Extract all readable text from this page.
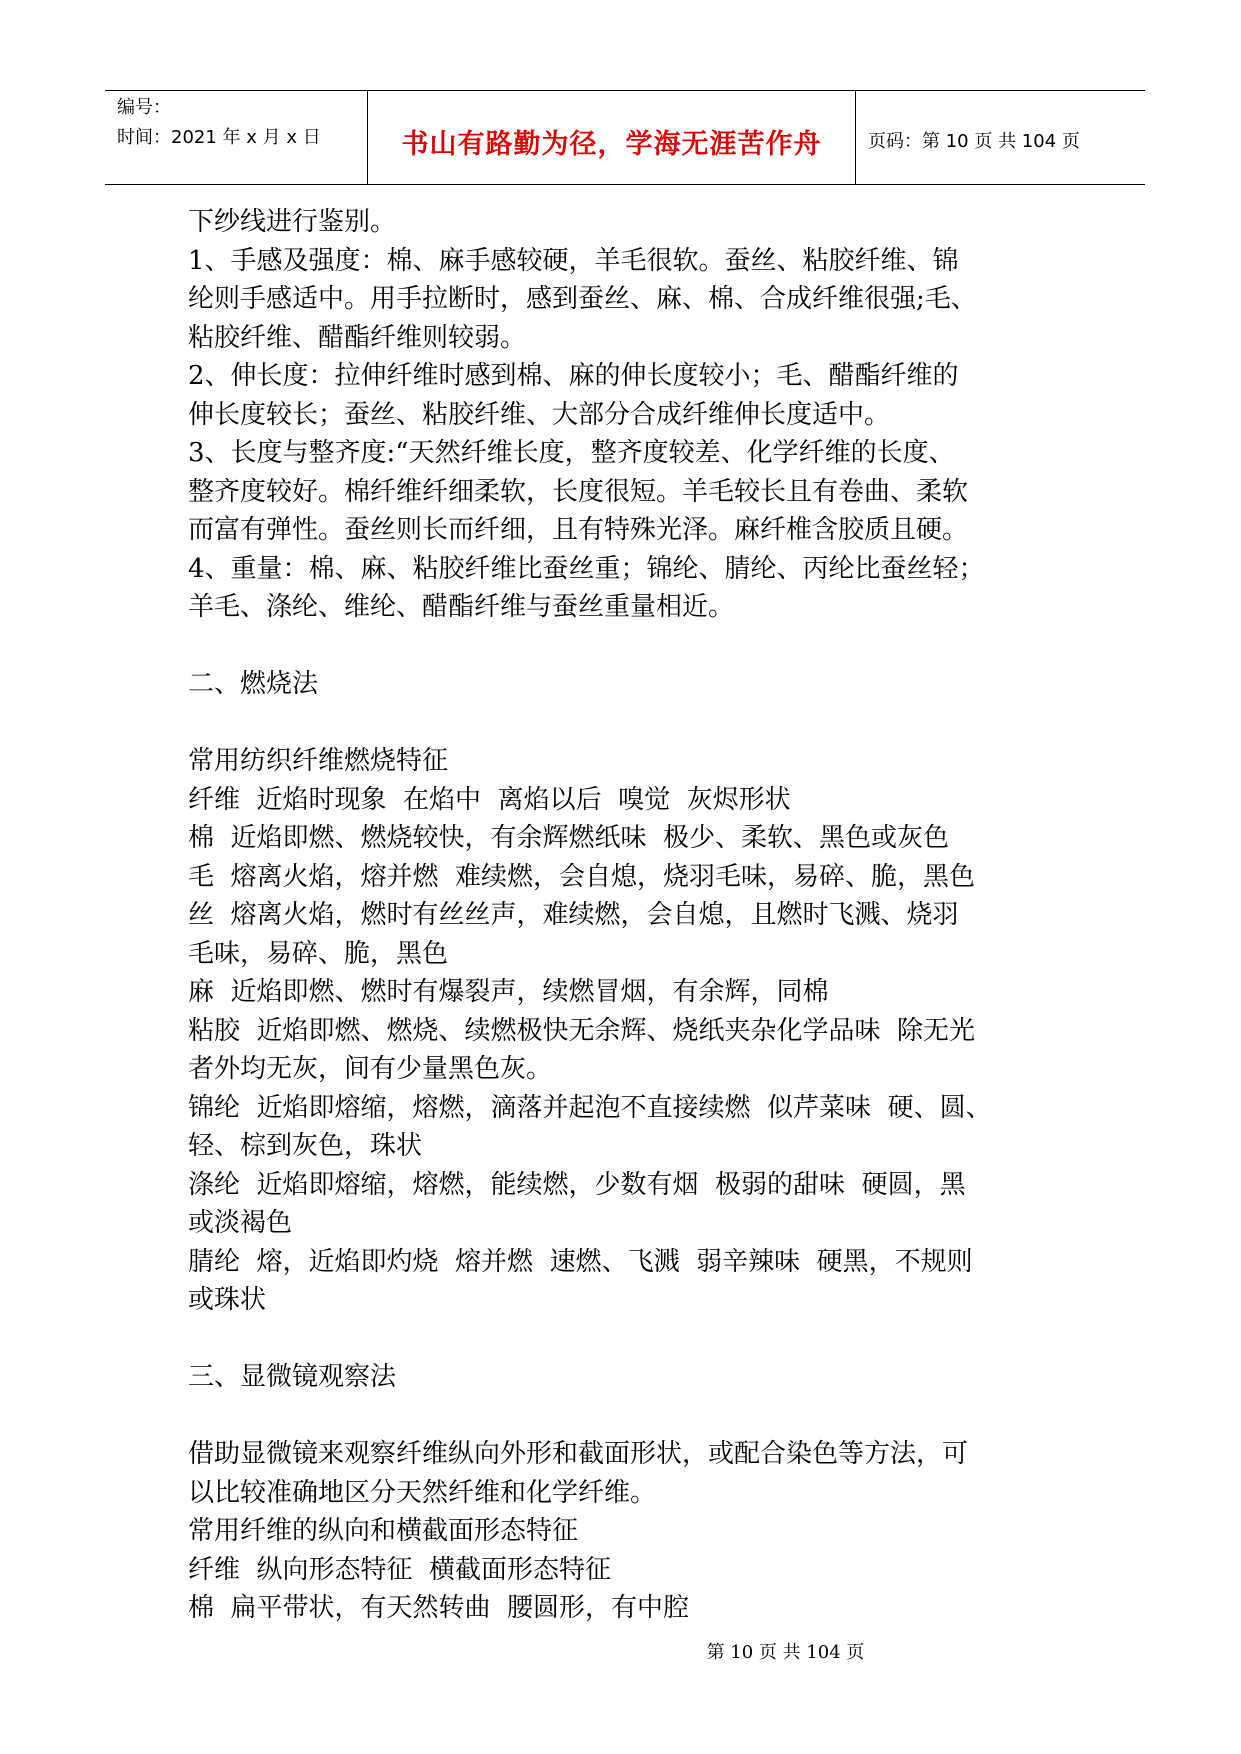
编号：
时间：2021 年 x 月 x 日	书山有路勤为径，学海无涯苦作舟	页码：第 10 页 共 104 页

下纱线进行鉴别。

1、手感及强度：棉、麻手感较硬，羊毛很软。蚕丝、粘胶纤维、锦

纶则手感适中。用手拉断时，感到蚕丝、麻、棉、合成纤维很强;毛、

粘胶纤维、醋酯纤维则较弱。

2、伸长度：拉伸纤维时感到棉、麻的伸长度较小；毛、醋酯纤维的

伸长度较长；蚕丝、粘胶纤维、大部分合成纤维伸长度适中。

3、长度与整齐度:“天然纤维长度，整齐度较差、化学纤维的长度、

整齐度较好。棉纤维纤细柔软，长度很短。羊毛较长且有卷曲、柔软

而富有弹性。蚕丝则长而纤细，且有特殊光泽。麻纤椎含胶质且硬。

4、重量：棉、麻、粘胶纤维比蚕丝重；锦纶、腈纶、丙纶比蚕丝轻；

羊毛、涤纶、维纶、醋酯纤维与蚕丝重量相近。

二、燃烧法

常用纺织纤维燃烧特征

纤维  近焰时现象  在焰中  离焰以后  嗅觉  灰烬形状

棉  近焰即燃、燃烧较快，有余辉燃纸味  极少、柔软、黑色或灰色

毛  熔离火焰，熔并燃  难续燃，会自熄，烧羽毛味，易碎、脆，黑色

丝  熔离火焰，燃时有丝丝声，难续燃，会自熄，且燃时飞溅、烧羽

毛味，易碎、脆，黑色

麻  近焰即燃、燃时有爆裂声，续燃冒烟，有余辉，同棉

粘胶  近焰即燃、燃烧、续燃极快无余辉、烧纸夹杂化学品味  除无光

者外均无灰，间有少量黑色灰。

锦纶  近焰即熔缩，熔燃，滴落并起泡不直接续燃  似芹菜味  硬、圆、

轻、棕到灰色，珠状

涤纶  近焰即熔缩，熔燃，能续燃，少数有烟  极弱的甜味  硬圆，黑

或淡褐色

腈纶  熔，近焰即灼烧  熔并燃  速燃、飞溅  弱辛辣味  硬黑，不规则

或珠状

三、显微镜观察法

借助显微镜来观察纤维纵向外形和截面形状，或配合染色等方法，可

以比较准确地区分天然纤维和化学纤维。

常用纤维的纵向和横截面形态特征

纤维  纵向形态特征  横截面形态特征

棉  扁平带状，有天然转曲  腰圆形，有中腔

第 10 页 共 104 页
